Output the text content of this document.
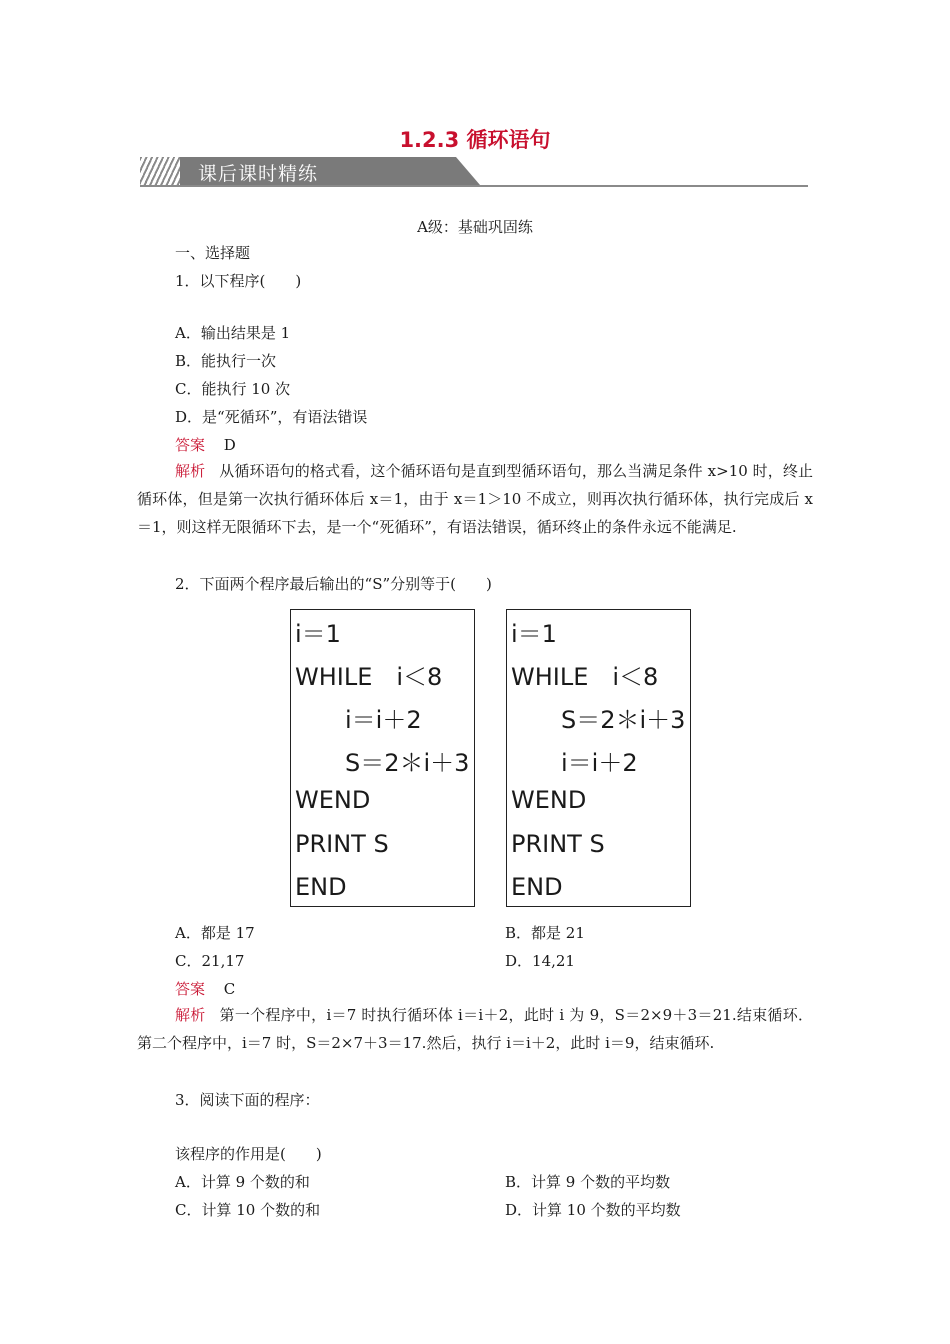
1.2.3 循环语句
课后课时精练
A级：基础巩固练
一、选择题
1．以下程序(　　)
A．输出结果是 1
B．能执行一次
C．能执行 10 次
D．是“死循环”，有语法错误
答案 D
解析 从循环语句的格式看，这个循环语句是直到型循环语句，那么当满足条件 x>10 时，终止循环体，但是第一次执行循环体后 x＝1，由于 x＝1＞10 不成立，则再次执行循环体，执行完成后 x＝1，则这样无限循环下去，是一个“死循环”，有语法错误，循环终止的条件永远不能满足.
2．下面两个程序最后输出的“S”分别等于(　　)
i＝1
WHILE　i＜8
i＝i＋2
S＝2＊i＋3
WEND
PRINT S
END
i＝1
WHILE　i＜8
S＝2＊i＋3
i＝i＋2
WEND
PRINT S
END
A．都是 17	B．都是 21
C．21,17	D．14,21
答案 C
解析 第一个程序中，i＝7 时执行循环体 i＝i＋2，此时 i 为 9，S＝2×9＋3＝21.结束循环．第二个程序中，i＝7 时，S＝2×7＋3＝17.然后，执行 i＝i＋2，此时 i＝9，结束循环.
3．阅读下面的程序：
该程序的作用是(　　)
A．计算 9 个数的和	B．计算 9 个数的平均数
C．计算 10 个数的和	D．计算 10 个数的平均数
